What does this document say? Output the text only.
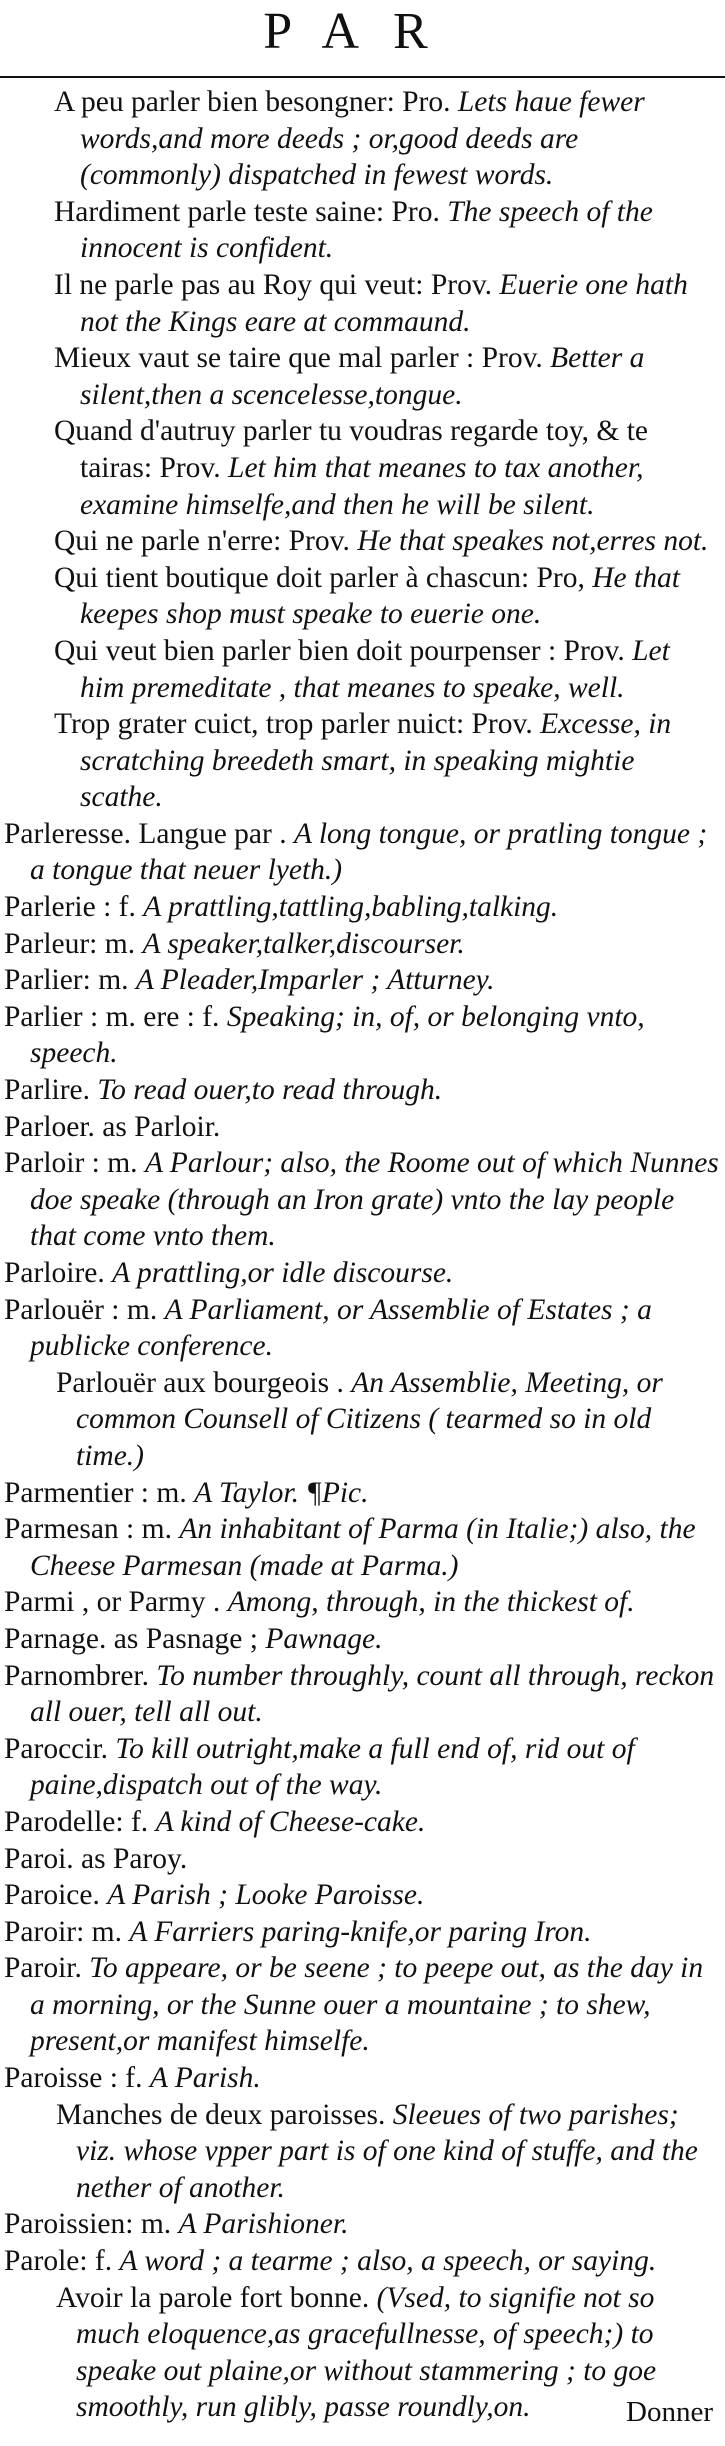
PAR

A peu parler bien besongner: Pro. Lets haue fewer words,and more deeds ; or,good deeds are (commonly) dispatched in fewest words.

Hardiment parle teste saine: Pro. The speech of the innocent is confident.

Il ne parle pas au Roy qui veut: Prov. Euerie one hath not the Kings eare at commaund.

Mieux vaut se taire que mal parler : Prov. Better a silent,then a scencelesse,tongue.

Quand d'autruy parler tu voudras regarde toy, & te tairas: Prov. Let him that meanes to tax another, examine himselfe,and then he will be silent.

Qui ne parle n'erre: Prov. He that speakes not,erres not.

Qui tient boutique doit parler à chascun: Pro, He that keepes shop must speake to euerie one.

Qui veut bien parler bien doit pourpenser : Prov. Let him premeditate , that meanes to speake, well.

Trop grater cuict, trop parler nuict: Prov. Excesse, in scratching breedeth smart, in speaking mightie scathe.

Parleresse. Langue par . A long tongue, or pratling tongue ; a tongue that neuer lyeth.)

Parlerie : f. A prattling,tattling,babling,talking.

Parleur: m. A speaker,talker,discourser.

Parlier: m. A Pleader,Imparler ; Atturney.

Parlier : m. ere : f. Speaking; in, of, or belonging vnto, speech.

Parlire. To read ouer,to read through.

Parloer. as Parloir.

Parloir : m. A Parlour; also, the Roome out of which Nunnes doe speake (through an Iron grate) vnto the lay people that come vnto them.

Parloire. A prattling,or idle discourse.

Parlouër : m. A Parliament, or Assemblie of Estates ; a publicke conference.

Parlouër aux bourgeois . An Assemblie, Meeting, or common Counsell of Citizens ( tearmed so in old time.)

Parmentier : m. A Taylor. ¶Pic.

Parmesan : m. An inhabitant of Parma (in Italie;) also, the Cheese Parmesan (made at Parma.)

Parmi , or Parmy . Among, through, in the thickest of.

Parnage. as Pasnage ; Pawnage.

Parnombrer. To number throughly, count all through, reckon all ouer, tell all out.

Paroccir. To kill outright,make a full end of, rid out of paine,dispatch out of the way.

Parodelle: f. A kind of Cheese-cake.

Paroi. as Paroy.

Paroice. A Parish ; Looke Paroisse.

Paroir: m. A Farriers paring-knife,or paring Iron.

Paroir. To appeare, or be seene ; to peepe out, as the day in a morning, or the Sunne ouer a mountaine ; to shew, present,or manifest himselfe.

Paroisse : f. A Parish.

Manches de deux paroisses. Sleeues of two parishes; viz. whose vpper part is of one kind of stuffe, and the nether of another.

Paroissien: m. A Parishioner.

Parole: f. A word ; a tearme ; also, a speech, or saying.

Avoir la parole fort bonne. (Vsed, to signifie not so much eloquence,as gracefullnesse, of speech;) to speake out plaine,or without stammering ; to goe smoothly, run glibly, passe roundly,on.	Donner
